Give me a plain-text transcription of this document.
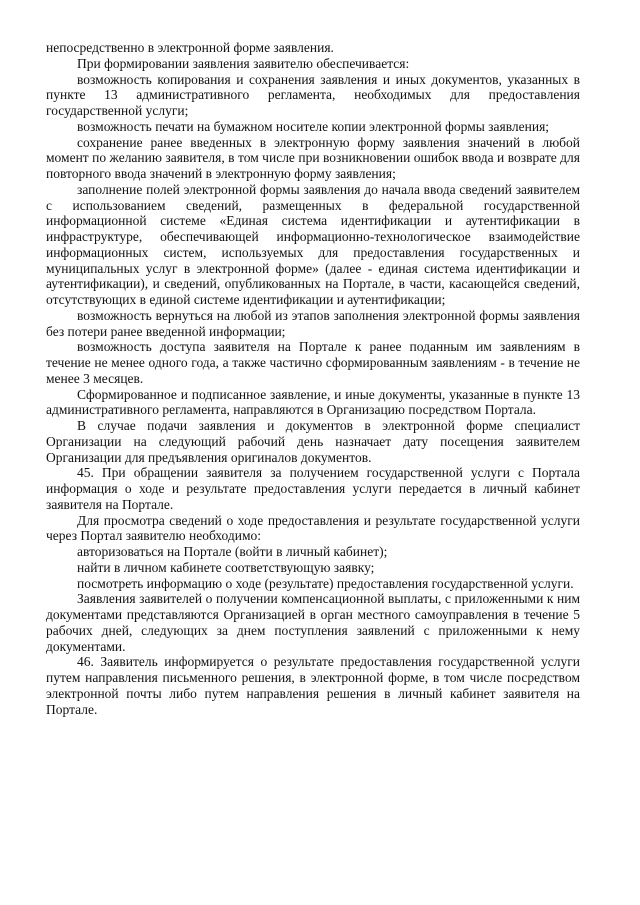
непосредственно в электронной форме заявления.

При формировании заявления заявителю обеспечивается:

возможность копирования и сохранения заявления и иных документов, указанных в пункте 13 административного регламента, необходимых для предоставления государственной услуги;

возможность печати на бумажном носителе копии электронной формы заявления;

сохранение ранее введенных в электронную форму заявления значений в любой момент по желанию заявителя, в том числе при возникновении ошибок ввода и возврате для повторного ввода значений в электронную форму заявления;

заполнение полей электронной формы заявления до начала ввода сведений заявителем с использованием сведений, размещенных в федеральной государственной информационной системе «Единая система идентификации и аутентификации в инфраструктуре, обеспечивающей информационно-технологическое взаимодействие информационных систем, используемых для предоставления государственных и муниципальных услуг в электронной форме» (далее - единая система идентификации и аутентификации), и сведений, опубликованных на Портале, в части, касающейся сведений, отсутствующих в единой системе идентификации и аутентификации;

возможность вернуться на любой из этапов заполнения электронной формы заявления без потери ранее введенной информации;

возможность доступа заявителя на Портале к ранее поданным им заявлениям в течение не менее одного года, а также частично сформированным заявлениям - в течение не менее 3 месяцев.

Сформированное и подписанное заявление, и иные документы, указанные в пункте 13 административного регламента, направляются в Организацию посредством Портала.

В случае подачи заявления и документов в электронной форме специалист Организации на следующий рабочий день назначает дату посещения заявителем Организации для предъявления оригиналов документов.

45. При обращении заявителя за получением государственной услуги с Портала информация о ходе и результате предоставления услуги передается в личный кабинет заявителя на Портале.

Для просмотра сведений о ходе предоставления и результате государственной услуги через Портал заявителю необходимо:

авторизоваться на Портале (войти в личный кабинет);

найти в личном кабинете соответствующую заявку;

посмотреть информацию о ходе (результате) предоставления государственной услуги.

Заявления заявителей о получении компенсационной выплаты, с приложенными к ним документами представляются Организацией в орган местного самоуправления в течение 5 рабочих дней, следующих за днем поступления заявлений с приложенными к нему документами.

46. Заявитель информируется о результате предоставления государственной услуги путем направления письменного решения, в электронной форме, в том числе посредством электронной почты либо путем направления решения в личный кабинет заявителя на Портале.
